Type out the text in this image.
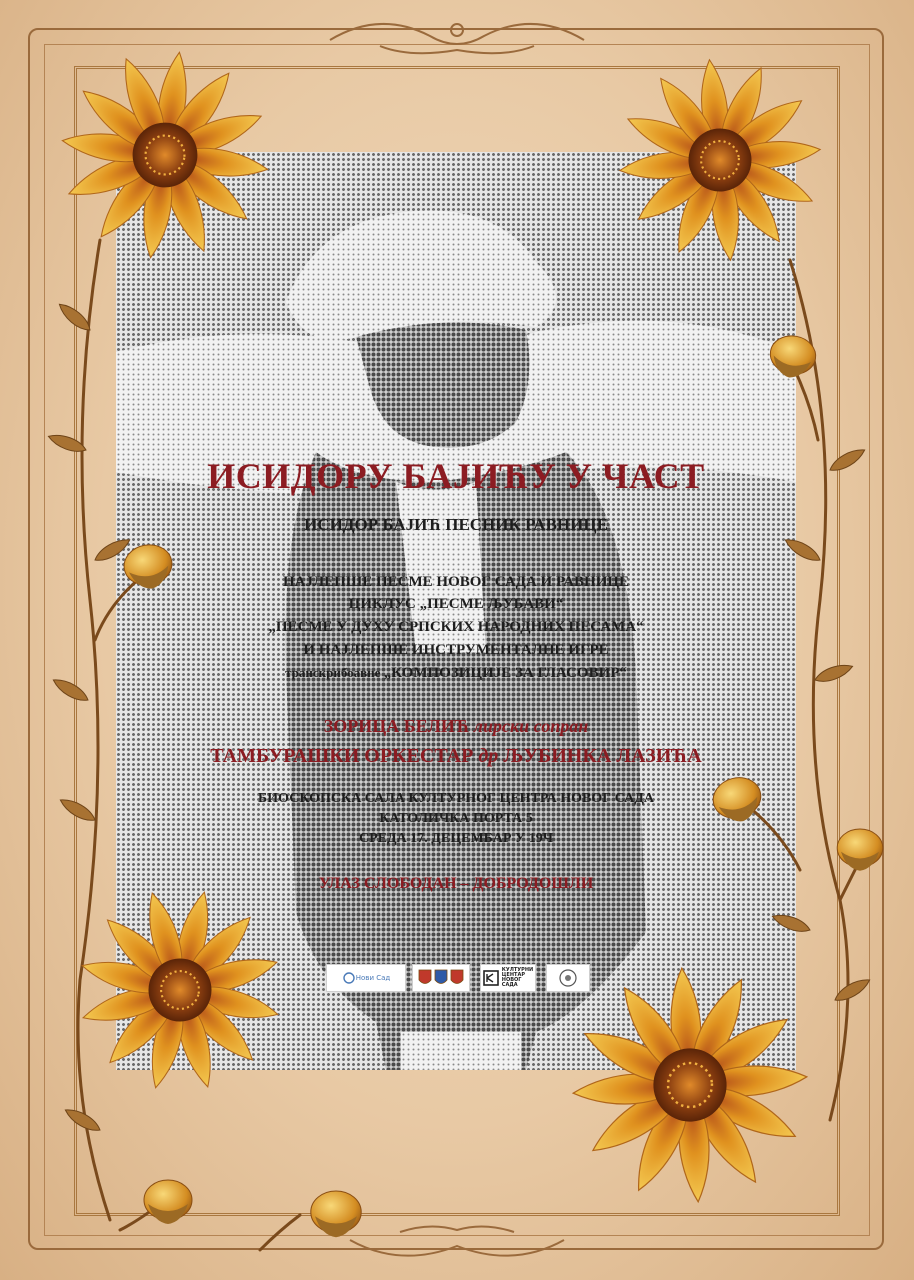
ИСИДОРУ БАЈИЋУ У ЧАСТ

ИСИДОР БАЈИЋ ПЕСНИК РАВНИЦЕ

НАЈЛЕПШЕ ПЕСМЕ НОВОГ САДА И РАВНИЦЕ

ЦИКЛУС „ПЕСМЕ ЉУБАВИ“

„ПЕСМЕ У ДУХУ СРПСКИХ НАРОДНИХ ПЕСАМА“

И НАЈЛЕПШЕ ИНСТРУМЕНТАЛНЕ ИГРЕ

транскрибоавне „КОМПОЗИЦИЈЕ ЗА ГЛАСОВИР“

ЗОРИЦА БЕЛИЋ лирски сопран

ТАМБУРАШКИ ОРКЕСТАР др ЉУБИНКА ЛАЗИЋА

БИОСКОПСКА САЛА КУЛТУРНОГ ЦЕНТРА НОВОГ САДА

КАТОЛИЧКА ПОРТА 5

СРЕДА 17. ДЕЦЕМБАР У 19Ч

УЛАЗ СЛОБОДАН – ДОБРОДОШЛИ

Нови Сад
КУЛТУРНИ
ЦЕНТАР
НОВОГ
САДА
